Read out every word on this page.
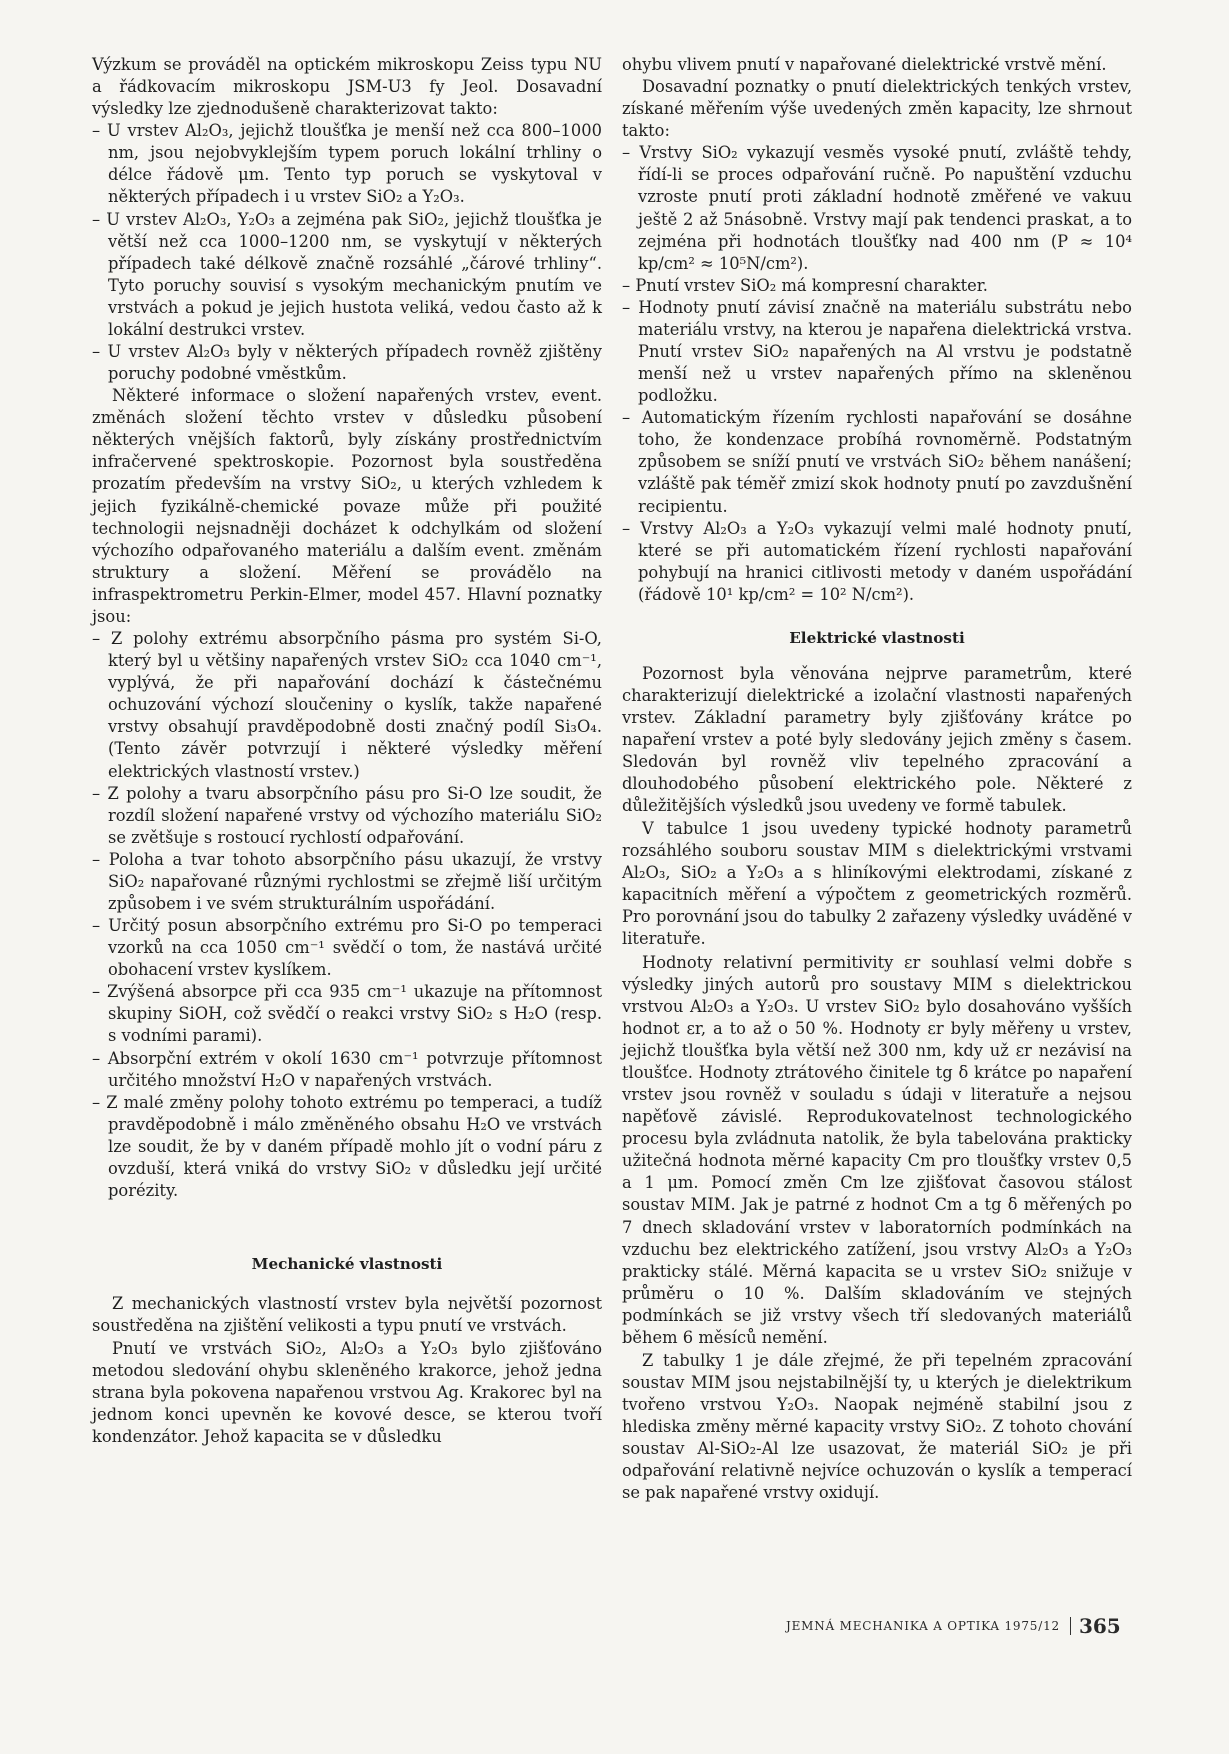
Výzkum se prováděl na optickém mikroskopu Zeiss typu NU a řádkovacím mikroskopu JSM-U3 fy Jeol. Dosavadní výsledky lze zjednodušeně charakterizovat takto:

– U vrstev Al₂O₃, jejichž tloušťka je menší než cca 800–1000 nm, jsou nejobvyklejším typem poruch lokální trhliny o délce řádově μm. Tento typ poruch se vyskytoval v některých případech i u vrstev SiO₂ a Y₂O₃.

– U vrstev Al₂O₃, Y₂O₃ a zejména pak SiO₂, jejichž tloušťka je větší než cca 1000–1200 nm, se vyskytují v některých případech také délkově značně rozsáhlé „čárové trhliny“. Tyto poruchy souvisí s vysokým mechanickým pnutím ve vrstvách a pokud je jejich hustota veliká, vedou často až k lokální destrukci vrstev.

– U vrstev Al₂O₃ byly v některých případech rovněž zjištěny poruchy podobné vměstkům.

Některé informace o složení napařených vrstev, event. změnách složení těchto vrstev v důsledku působení některých vnějších faktorů, byly získány prostřednictvím infračervené spektroskopie. Pozornost byla soustředěna prozatím především na vrstvy SiO₂, u kterých vzhledem k jejich fyzikálně-chemické povaze může při použité technologii nejsnadněji docházet k odchylkám od složení výchozího odpařovaného materiálu a dalším event. změnám struktury a složení. Měření se provádělo na infraspektrometru Perkin-Elmer, model 457. Hlavní poznatky jsou:

– Z polohy extrému absorpčního pásma pro systém Si-O, který byl u většiny napařených vrstev SiO₂ cca 1040 cm⁻¹, vyplývá, že při napařování dochází k částečnému ochuzování výchozí sloučeniny o kyslík, takže napařené vrstvy obsahují pravděpodobně dosti značný podíl Si₃O₄. (Tento závěr potvrzují i některé výsledky měření elektrických vlastností vrstev.)

– Z polohy a tvaru absorpčního pásu pro Si-O lze soudit, že rozdíl složení napařené vrstvy od výchozího materiálu SiO₂ se zvětšuje s rostoucí rychlostí odpařování.

– Poloha a tvar tohoto absorpčního pásu ukazují, že vrstvy SiO₂ napařované různými rychlostmi se zřejmě liší určitým způsobem i ve svém strukturálním uspořádání.

– Určitý posun absorpčního extrému pro Si-O po temperaci vzorků na cca 1050 cm⁻¹ svědčí o tom, že nastává určité obohacení vrstev kyslíkem.

– Zvýšená absorpce při cca 935 cm⁻¹ ukazuje na přítomnost skupiny SiOH, což svědčí o reakci vrstvy SiO₂ s H₂O (resp. s vodními parami).

– Absorpční extrém v okolí 1630 cm⁻¹ potvrzuje přítomnost určitého množství H₂O v napařených vrstvách.

– Z malé změny polohy tohoto extrému po temperaci, a tudíž pravděpodobně i málo změněného obsahu H₂O ve vrstvách lze soudit, že by v daném případě mohlo jít o vodní páru z ovzduší, která vniká do vrstvy SiO₂ v důsledku její určité porézity.

Mechanické vlastnosti

Z mechanických vlastností vrstev byla největší pozornost soustředěna na zjištění velikosti a typu pnutí ve vrstvách.

Pnutí ve vrstvách SiO₂, Al₂O₃ a Y₂O₃ bylo zjišťováno metodou sledování ohybu skleněného krakorce, jehož jedna strana byla pokovena napařenou vrstvou Ag. Krakorec byl na jednom konci upevněn ke kovové desce, se kterou tvoří kondenzátor. Jehož kapacita se v důsledku

ohybu vlivem pnutí v napařované dielektrické vrstvě mění.

Dosavadní poznatky o pnutí dielektrických tenkých vrstev, získané měřením výše uvedených změn kapacity, lze shrnout takto:

– Vrstvy SiO₂ vykazují vesměs vysoké pnutí, zvláště tehdy, řídí-li se proces odpařování ručně. Po napuštění vzduchu vzroste pnutí proti základní hodnotě změřené ve vakuu ještě 2 až 5násobně. Vrstvy mají pak tendenci praskat, a to zejména při hodnotách tloušťky nad 400 nm (P ≈ 10⁴ kp/cm² ≈ 10⁵N/cm²).

– Pnutí vrstev SiO₂ má kompresní charakter.

– Hodnoty pnutí závisí značně na materiálu substrátu nebo materiálu vrstvy, na kterou je napařena dielektrická vrstva. Pnutí vrstev SiO₂ napařených na Al vrstvu je podstatně menší než u vrstev napařených přímo na skleněnou podložku.

– Automatickým řízením rychlosti napařování se dosáhne toho, že kondenzace probíhá rovnoměrně. Podstatným způsobem se sníží pnutí ve vrstvách SiO₂ během nanášení; vzláště pak téměř zmizí skok hodnoty pnutí po zavzdušnění recipientu.

– Vrstvy Al₂O₃ a Y₂O₃ vykazují velmi malé hodnoty pnutí, které se při automatickém řízení rychlosti napařování pohybují na hranici citlivosti metody v daném uspořádání (řádově 10¹ kp/cm² = 10² N/cm²).

Elektrické vlastnosti

Pozornost byla věnována nejprve parametrům, které charakterizují dielektrické a izolační vlastnosti napařených vrstev. Základní parametry byly zjišťovány krátce po napaření vrstev a poté byly sledovány jejich změny s časem. Sledován byl rovněž vliv tepelného zpracování a dlouhodobého působení elektrického pole. Některé z důležitějších výsledků jsou uvedeny ve formě tabulek.

V tabulce 1 jsou uvedeny typické hodnoty parametrů rozsáhlého souboru soustav MIM s dielektrickými vrstvami Al₂O₃, SiO₂ a Y₂O₃ a s hliníkovými elektrodami, získané z kapacitních měření a výpočtem z geometrických rozměrů. Pro porovnání jsou do tabulky 2 zařazeny výsledky uváděné v literatuře.

Hodnoty relativní permitivity εr souhlasí velmi dobře s výsledky jiných autorů pro soustavy MIM s dielektrickou vrstvou Al₂O₃ a Y₂O₃. U vrstev SiO₂ bylo dosahováno vyšších hodnot εr, a to až o 50 %. Hodnoty εr byly měřeny u vrstev, jejichž tloušťka byla větší než 300 nm, kdy už εr nezávisí na tloušťce. Hodnoty ztrátového činitele tg δ krátce po napaření vrstev jsou rovněž v souladu s údaji v literatuře a nejsou napěťově závislé. Reprodukovatelnost technologického procesu byla zvládnuta natolik, že byla tabelována prakticky užitečná hodnota měrné kapacity Cm pro tloušťky vrstev 0,5 a 1 μm. Pomocí změn Cm lze zjišťovat časovou stálost soustav MIM. Jak je patrné z hodnot Cm a tg δ měřených po 7 dnech skladování vrstev v laboratorních podmínkách na vzduchu bez elektrického zatížení, jsou vrstvy Al₂O₃ a Y₂O₃ prakticky stálé. Měrná kapacita se u vrstev SiO₂ snižuje v průměru o 10 %. Dalším skladováním ve stejných podmínkách se již vrstvy všech tří sledovaných materiálů během 6 měsíců nemění.

Z tabulky 1 je dále zřejmé, že při tepelném zpracování soustav MIM jsou nejstabilnější ty, u kterých je dielektrikum tvořeno vrstvou Y₂O₃. Naopak nejméně stabilní jsou z hlediska změny měrné kapacity vrstvy SiO₂. Z tohoto chování soustav Al-SiO₂-Al lze usazovat, že materiál SiO₂ je při odpařování relativně nejvíce ochuzován o kyslík a temperací se pak napařené vrstvy oxidují.

JEMNÁ MECHANIKA A OPTIKA 1975/12 365
